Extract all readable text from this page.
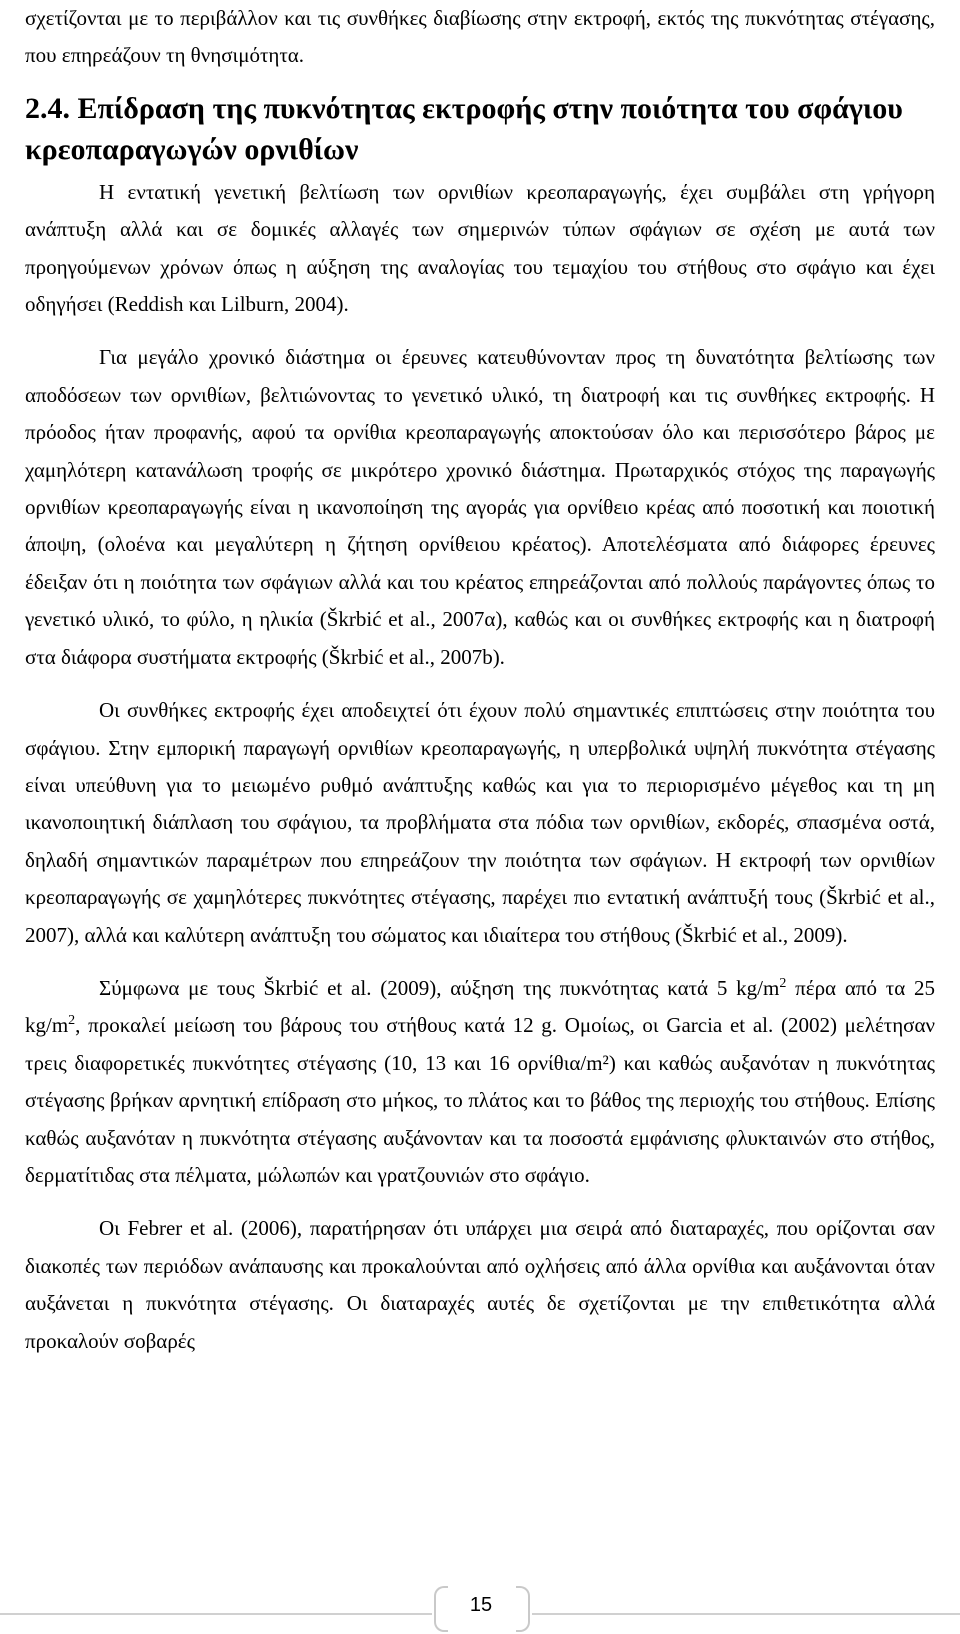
σχετίζονται με το περιβάλλον και τις συνθήκες διαβίωσης στην εκτροφή, εκτός της πυκνότητας στέγασης, που επηρεάζουν τη θνησιμότητα.

2.4. Επίδραση της πυκνότητας εκτροφής στην ποιότητα του σφάγιου κρεοπαραγωγών ορνιθίων

Η εντατική γενετική βελτίωση των ορνιθίων κρεοπαραγωγής, έχει συμβάλει στη γρήγορη ανάπτυξη αλλά και σε δομικές αλλαγές των σημερινών τύπων σφάγιων σε σχέση με αυτά των προηγούμενων χρόνων όπως η αύξηση της αναλογίας του τεμαχίου του στήθους στο σφάγιο και έχει οδηγήσει (Reddish και Lilburn, 2004).

Για μεγάλο χρονικό διάστημα οι έρευνες κατευθύνονταν προς τη δυνατότητα βελτίωσης των αποδόσεων των ορνιθίων, βελτιώνοντας το γενετικό υλικό, τη διατροφή και τις συνθήκες εκτροφής. Η πρόοδος ήταν προφανής, αφού τα ορνίθια κρεοπαραγωγής αποκτούσαν όλο και περισσότερο βάρος με χαμηλότερη κατανάλωση τροφής σε μικρότερο χρονικό διάστημα. Πρωταρχικός στόχος της παραγωγής ορνιθίων κρεοπαραγωγής είναι η ικανοποίηση της αγοράς για ορνίθειο κρέας από ποσοτική και ποιοτική άποψη, (ολοένα και μεγαλύτερη η ζήτηση ορνίθειου κρέατος). Αποτελέσματα από διάφορες έρευνες έδειξαν ότι η ποιότητα των σφάγιων αλλά και του κρέατος επηρεάζονται από πολλούς παράγοντες όπως το γενετικό υλικό, το φύλο, η ηλικία (Škrbić et al., 2007α), καθώς και οι συνθήκες εκτροφής και η διατροφή στα διάφορα συστήματα εκτροφής (Škrbić et al., 2007b).

Οι συνθήκες εκτροφής έχει αποδειχτεί ότι έχουν πολύ σημαντικές επιπτώσεις στην ποιότητα του σφάγιου. Στην εμπορική παραγωγή ορνιθίων κρεοπαραγωγής, η υπερβολικά υψηλή πυκνότητα στέγασης είναι υπεύθυνη για το μειωμένο ρυθμό ανάπτυξης καθώς και για το περιορισμένο μέγεθος και τη μη ικανοποιητική διάπλαση του σφάγιου, τα προβλήματα στα πόδια των ορνιθίων, εκδορές, σπασμένα οστά, δηλαδή σημαντικών παραμέτρων που επηρεάζουν την ποιότητα των σφάγιων. Η εκτροφή των ορνιθίων κρεοπαραγωγής σε χαμηλότερες πυκνότητες στέγασης, παρέχει πιο εντατική ανάπτυξή τους (Škrbić et al., 2007), αλλά και καλύτερη ανάπτυξη του σώματος και ιδιαίτερα του στήθους (Škrbić et al., 2009).

Σύμφωνα με τους Škrbić et al. (2009), αύξηση της πυκνότητας κατά 5 $kg/m^2$ πέρα από τα 25 $kg/m^2$, προκαλεί μείωση του βάρους του στήθους κατά 12 g. Ομοίως, οι Garcia et al. (2002) μελέτησαν τρεις διαφορετικές πυκνότητες στέγασης (10, 13 και 16 ορνίθια/m²) και καθώς αυξανόταν η πυκνότητας στέγασης βρήκαν αρνητική επίδραση στο μήκος, το πλάτος και το βάθος της περιοχής του στήθους. Επίσης καθώς αυξανόταν η πυκνότητα στέγασης αυξάνονταν και τα ποσοστά εμφάνισης φλυκταινών στο στήθος, δερματίτιδας στα πέλματα, μώλωπών και γρατζουνιών στο σφάγιο.

Οι Febrer et al. (2006), παρατήρησαν ότι υπάρχει μια σειρά από διαταραχές, που ορίζονται σαν διακοπές των περιόδων ανάπαυσης και προκαλούνται από οχλήσεις από άλλα ορνίθια και αυξάνονται όταν αυξάνεται η πυκνότητα στέγασης. Οι διαταραχές αυτές δε σχετίζονται με την επιθετικότητα αλλά προκαλούν σοβαρές

15
